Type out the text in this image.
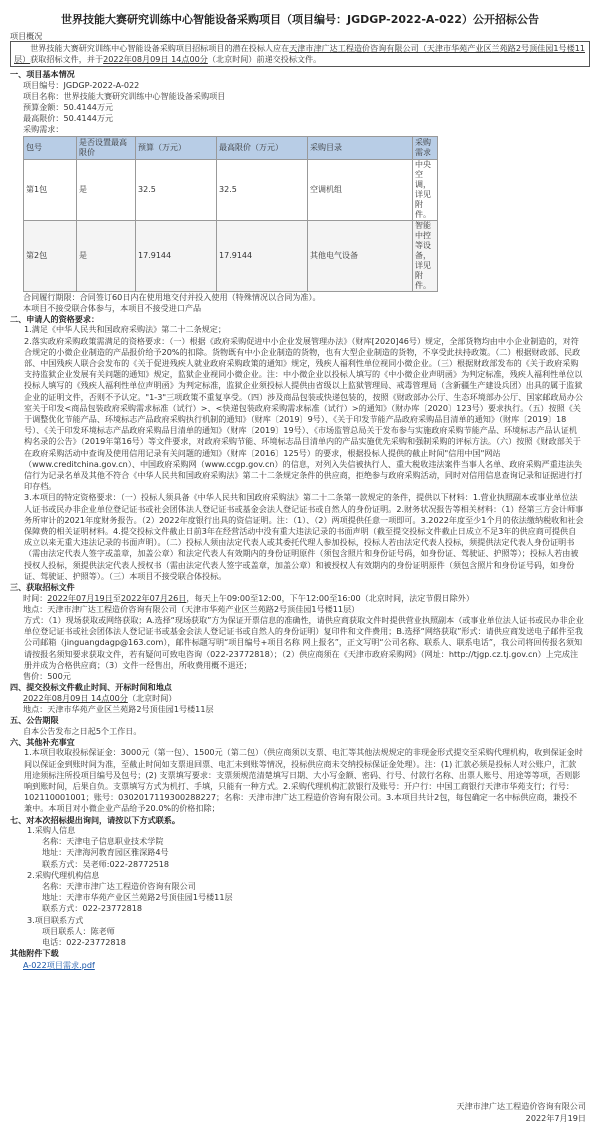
世界技能大赛研究训练中心智能设备采购项目（项目编号：JGDGP-2022-A-022）公开招标公告
项目概况

世界技能大赛研究训练中心智能设备采购项目招标项目的潜在投标人应在天津市津广达工程造价咨询有限公司（天津市华苑产业区兰苑路2号顶佳园1号楼11层）获取招标文件，并于2022年08月09日 14点00分（北京时间）前递交投标文件。

一、项目基本情况
项目编号：JGDGP-2022-A-022
项目名称：世界技能大赛研究训练中心智能设备采购项目
预算金额：50.4144万元
最高限价：50.4144万元
采购需求：
包号	是否设置最高限价	预算（万元）	最高限价（万元）	采购目录	采购需求
第1包	是	32.5	32.5	空调机组	中央空调，详见附件。
第2包	是	17.9144	17.9144	其他电气设备	智能中控等设备，详见附件。
合同履行期限：合同签订60日内在使用地交付并投入使用（特殊情况以合同为准）。
本项目不接受联合体参与，本项目不接受进口产品
二、申请人的资格要求：

1.满足《中华人民共和国政府采购法》第二十二条规定；

2.落实政府采购政策需满足的资格要求：（一）根据《政府采购促进中小企业发展管理办法》（财库[2020]46号）规定，全部货物均由中小企业制造的，对符合规定的小微企业制造的产品报价给予20%的扣除。货物既有中小企业制造的货物，也有大型企业制造的货物，不享受此扶持政策。（二）根据财政部、民政部、中国残疾人联合会发布的《关于促进残疾人就业政府采购政策的通知》规定，残疾人福利性单位视同小微企业。（三）根据财政部发布的《关于政府采购支持监狱企业发展有关问题的通知》规定，监狱企业视同小微企业。注：中小微企业以投标人填写的《中小微企业声明函》为判定标准，残疾人福利性单位以投标人填写的《残疾人福利性单位声明函》为判定标准，监狱企业须投标人提供由省级以上监狱管理局、戒毒管理局（含新疆生产建设兵团）出具的属于监狱企业的证明文件，否则不予认定。"1-3"三项政策不重复享受。（四）涉及商品包装或快递包装的，按照《财政部办公厅、生态环境部办公厅、国家邮政局办公室关于印发<商品包装政府采购需求标准（试行）>、<快递包装政府采购需求标准（试行）>的通知》（财办库〔2020〕123号）要求执行。（五）按照《关于调整优化节能产品、环境标志产品政府采购执行机制的通知》（财库〔2019〕9号）、《关于印发节能产品政府采购品目清单的通知》（财库〔2019〕18号）、《关于印发环境标志产品政府采购品目清单的通知》（财库〔2019〕19号）、《市场监管总局关于发布参与实施政府采购节能产品、环境标志产品认证机构名录的公告》（2019年第16号）等文件要求，对政府采购节能、环境标志品目清单内的产品实施优先采购和强制采购的评标方法。（六）按照《财政部关于在政府采购活动中查询及使用信用记录有关问题的通知》（财库〔2016〕125号）的要求，根据投标人提供的截止时间"信用中国"网站（www.creditchina.gov.cn）、中国政府采购网（www.ccgp.gov.cn）的信息，对列入失信被执行人、重大税收违法案件当事人名单、政府采购严重违法失信行为记录名单及其他不符合《中华人民共和国政府采购法》第二十二条规定条件的供应商，拒绝参与政府采购活动，同时对信用信息查询记录和证据进行打印存档。

3.本项目的特定资格要求：（一）投标人须具备《中华人民共和国政府采购法》第二十二条第一款规定的条件，提供以下材料：1.营业执照副本或事业单位法人证书或民办非企业单位登记证书或社会团体法人登记证书或基金会法人登记证书或自然人的身份证明。2.财务状况报告等相关材料：（1）经第三方会计师事务所审计的2021年度财务报告。（2）2022年度银行出具的资信证明。注：（1）、（2）两项提供任意一项即可。3.2022年度至少1个月的依法缴纳税收和社会保障费的相关证明材料。4.提交投标文件截止日前3年在经营活动中没有重大违法记录的书面声明（截至提交投标文件截止日成立不足3年的供应商可提供自成立以来无重大违法记录的书面声明）。（二）投标人须由法定代表人或其委托代理人参加投标，投标人若由法定代表人投标，须提供法定代表人身份证明书（需由法定代表人签字或盖章，加盖公章）和法定代表人有效期内的身份证明原件（须包含照片和身份证号码，如身份证、驾驶证、护照等）；投标人若由被授权人投标，须提供法定代表人授权书（需由法定代表人签字或盖章，加盖公章）和被授权人有效期内的身份证明原件（须包含照片和身份证号码，如身份证、驾驶证、护照等）。（三）本项目不接受联合体投标。

三、获取招标文件
时间：2022年07月19日至2022年07月26日，每天上午09:00至12:00，下午12:00至16:00（北京时间，法定节假日除外）
地点：天津市津广达工程造价咨询有限公司（天津市华苑产业区兰苑路2号顶佳园1号楼11层）

方式：（1）现场获取或网络获取；A.选择“现场获取”方为保证开票信息的准确性，请供应商获取文件时提供营业执照副本（或事业单位法人证书或民办非企业单位登记证书或社会团体法人登记证书或基金会法人登记证书或自然人的身份证明）复印件和文件费用；B.选择“网络获取”形式：请供应商发送电子邮件至我公司邮箱（jinguangdagp@163.com），邮件标题写明“项目编号+项目名称 网上报名”，正文写明“公司名称、联系人、联系电话”，我公司将回传报名须知请按报名须知要求获取文件，若有疑问可致电咨询（022-23772818）；（2）供应商须在《天津市政府采购网》（网址：http://tjgp.cz.tj.gov.cn）上完成注册并成为合格供应商；（3）文件一经售出，所收费用概不退还；

售价：500元
四、提交投标文件截止时间、开标时间和地点
2022年08月09日 14点00分（北京时间）
地点：天津市华苑产业区兰苑路2号顶佳园1号楼11层
五、公告期限
自本公告发布之日起5个工作日。
六、其他补充事宜

1.本项目收取投标保证金：3000元（第一包）、1500元（第二包）（供应商须以支票、电汇等其他法规规定的非现金形式提交至采购代理机构，收到保证金时间以保证金到账时间为准，至截止时间如支票退回票、电汇未到账等情况，投标供应商未交纳投标保证金处理）。注：(1) 汇款必须是投标人对公账户，汇款用途须标注所投项目编号及包号；(2) 支票填写要求：支票须规范清楚填写日期、大小写金额、密码、行号、付款行名称、出票人账号、用途等等项，否则影响到账时间，后果自负。支票填写方式为机打、手填，只能有一种方式。2.采购代理机构汇款银行及账号：开户行：中国工商银行天津市华苑支行；行号：102110001001；账号：0302017119300288227；名称：天津市津广达工程造价咨询有限公司。3.本项目共计2包，每包确定一名中标供应商，兼投不兼中。本项目对小微企业产品给予20.0%的价格扣除；

七、对本次招标提出询问，请按以下方式联系。
1.采购人信息
名称：天津电子信息职业技术学院
地址：天津海河教育园区雅深路4号
联系方式：吴老师:022-28772518
2.采购代理机构信息
名称：天津市津广达工程造价咨询有限公司
地址：天津市华苑产业区兰苑路2号顶佳园1号楼11层
联系方式：022-23772818
3.项目联系方式
项目联系人：陈老师
电话：022-23772818
其他附件下载
A-022项目需求.pdf
天津市津广达工程造价咨询有限公司
2022年7月19日
